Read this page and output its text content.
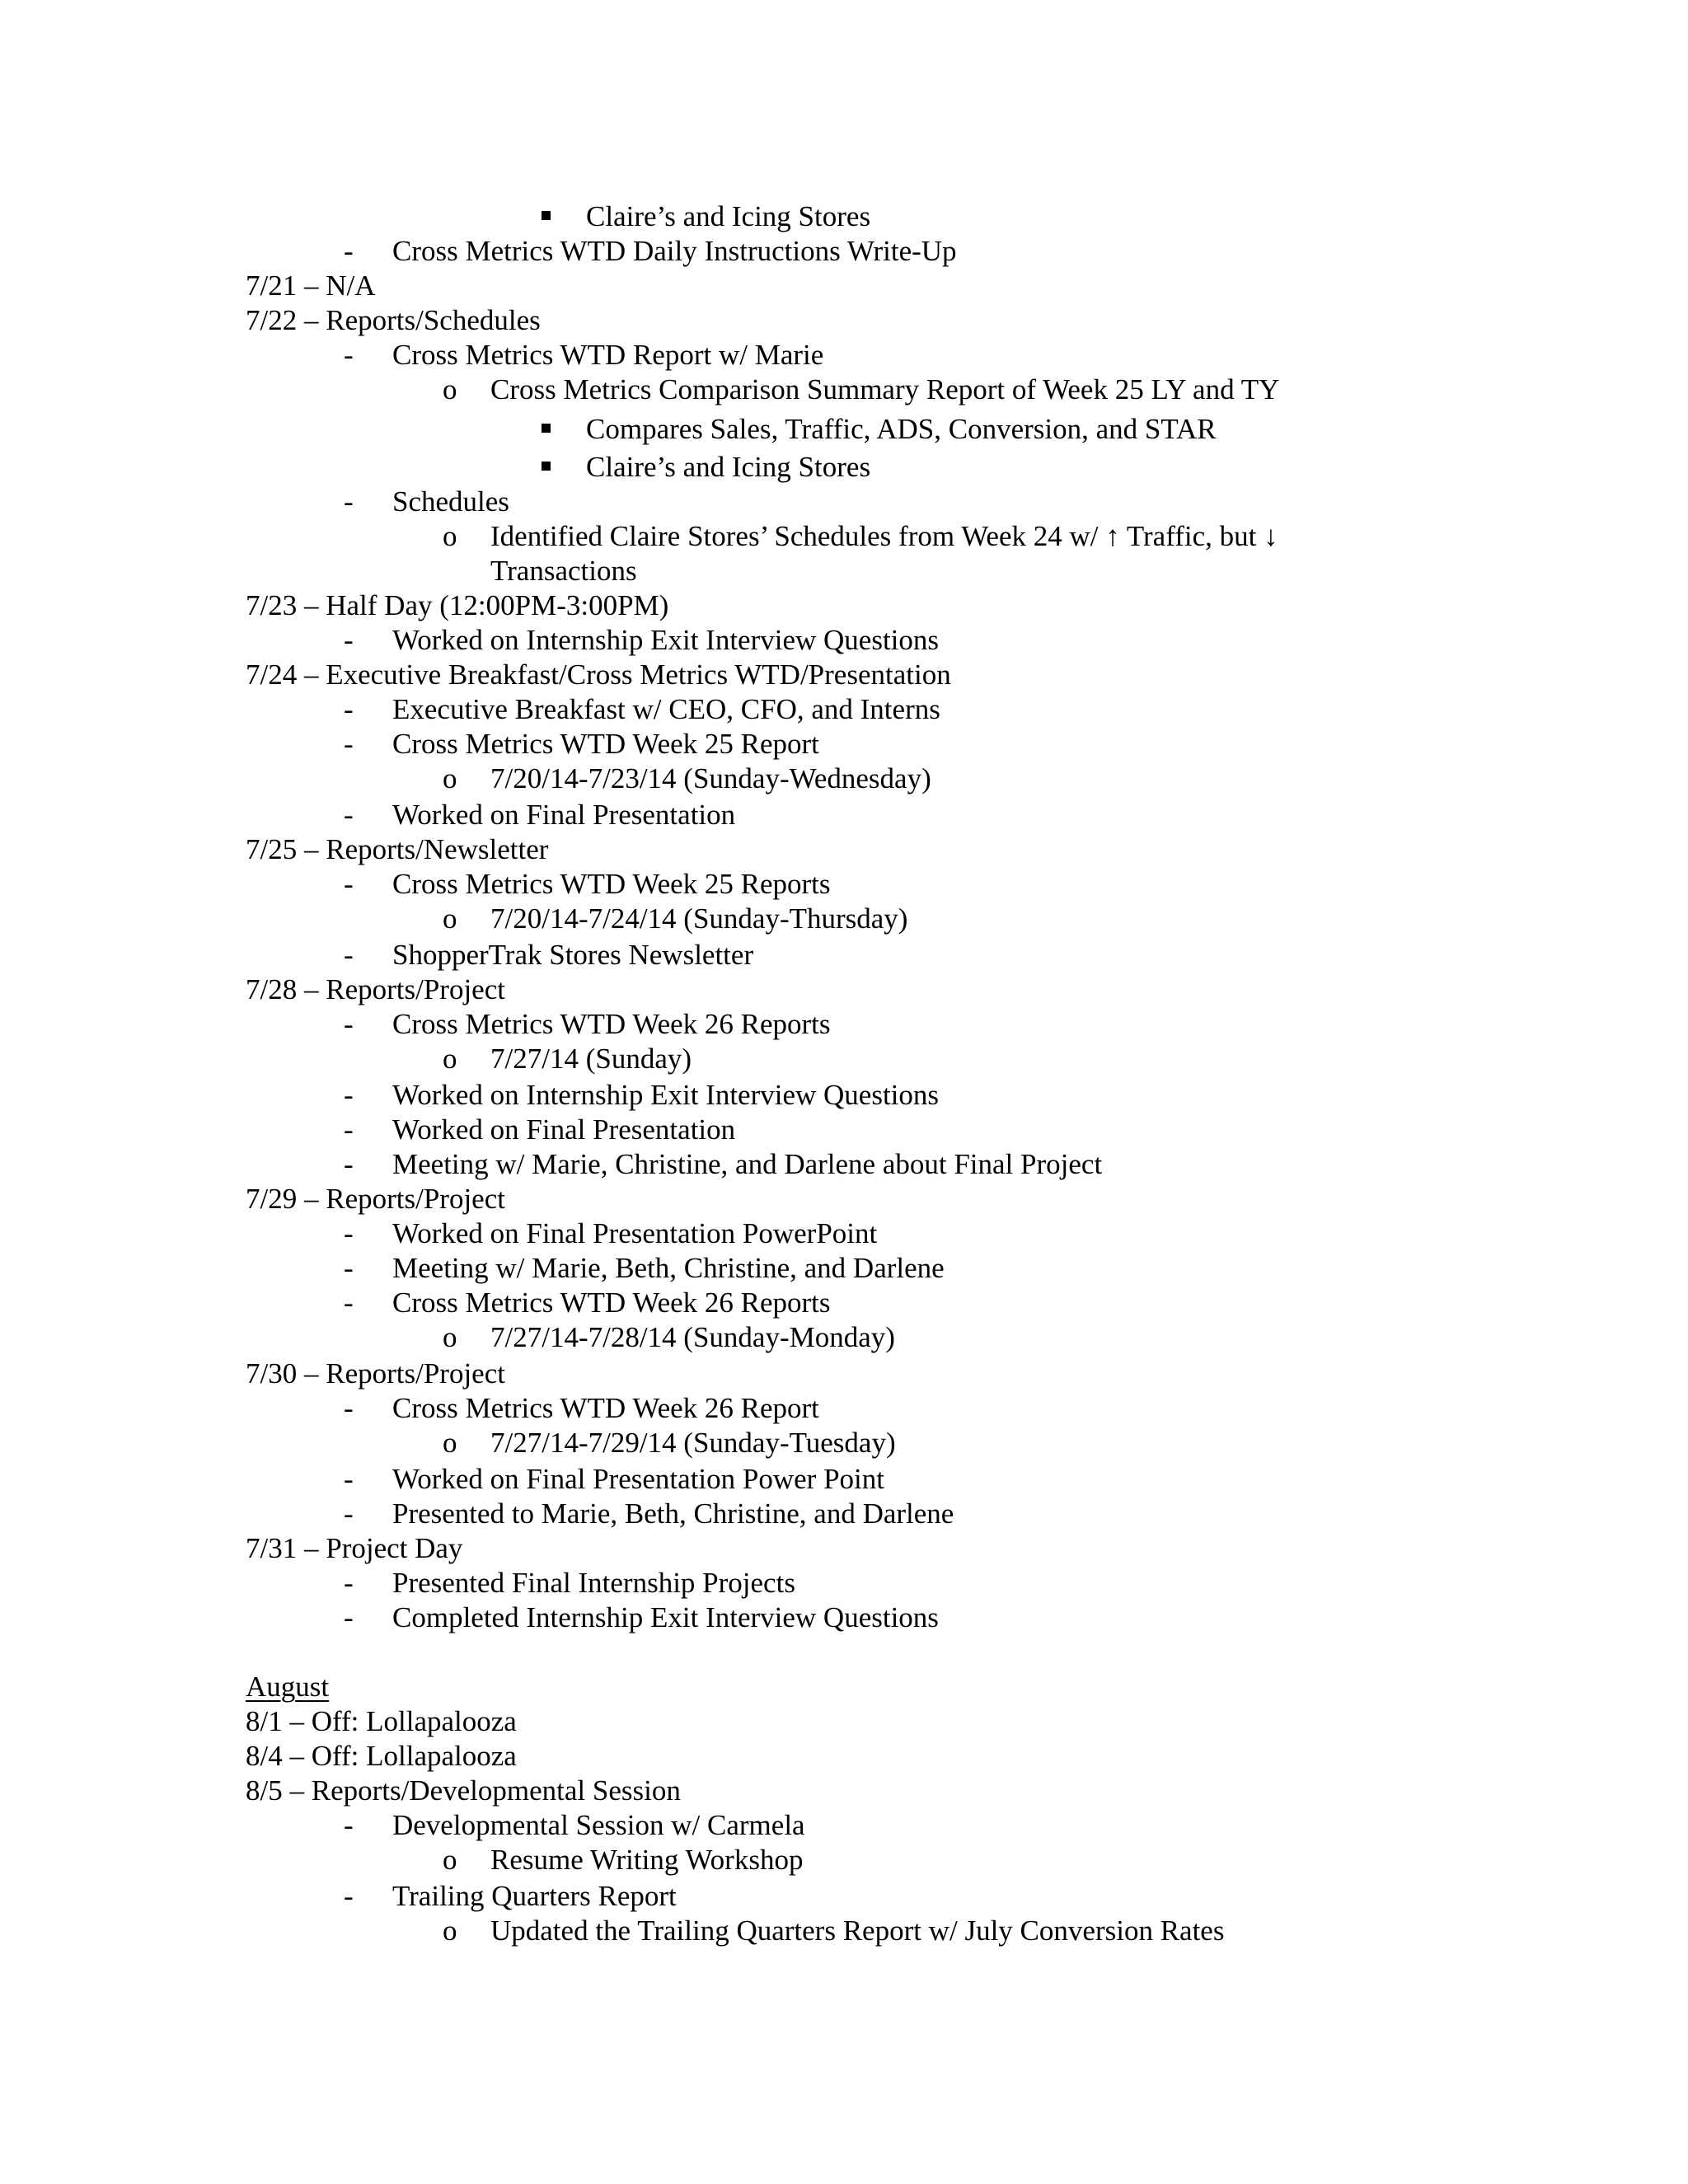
Claire’s and Icing Stores
- Cross Metrics WTD Daily Instructions Write-Up
7/21 – N/A
7/22 – Reports/Schedules
- Cross Metrics WTD Report w/ Marie
o Cross Metrics Comparison Summary Report of Week 25 LY and TY
Compares Sales, Traffic, ADS, Conversion, and STAR
Claire’s and Icing Stores
- Schedules
o Identified Claire Stores’ Schedules from Week 24 w/ ↑ Traffic, but ↓
Transactions
7/23 – Half Day (12:00PM-3:00PM)
- Worked on Internship Exit Interview Questions
7/24 – Executive Breakfast/Cross Metrics WTD/Presentation
- Executive Breakfast w/ CEO, CFO, and Interns
- Cross Metrics WTD Week 25 Report
o 7/20/14-7/23/14 (Sunday-Wednesday)
- Worked on Final Presentation
7/25 – Reports/Newsletter
- Cross Metrics WTD Week 25 Reports
o 7/20/14-7/24/14 (Sunday-Thursday)
- ShopperTrak Stores Newsletter
7/28 – Reports/Project
- Cross Metrics WTD Week 26 Reports
o 7/27/14 (Sunday)
- Worked on Internship Exit Interview Questions
- Worked on Final Presentation
- Meeting w/ Marie, Christine, and Darlene about Final Project
7/29 – Reports/Project
- Worked on Final Presentation PowerPoint
- Meeting w/ Marie, Beth, Christine, and Darlene
- Cross Metrics WTD Week 26 Reports
o 7/27/14-7/28/14 (Sunday-Monday)
7/30 – Reports/Project
- Cross Metrics WTD Week 26 Report
o 7/27/14-7/29/14 (Sunday-Tuesday)
- Worked on Final Presentation Power Point
- Presented to Marie, Beth, Christine, and Darlene
7/31 – Project Day
- Presented Final Internship Projects
- Completed Internship Exit Interview Questions
August
8/1 – Off: Lollapalooza
8/4 – Off: Lollapalooza
8/5 – Reports/Developmental Session
- Developmental Session w/ Carmela
o Resume Writing Workshop
- Trailing Quarters Report
o Updated the Trailing Quarters Report w/ July Conversion Rates
